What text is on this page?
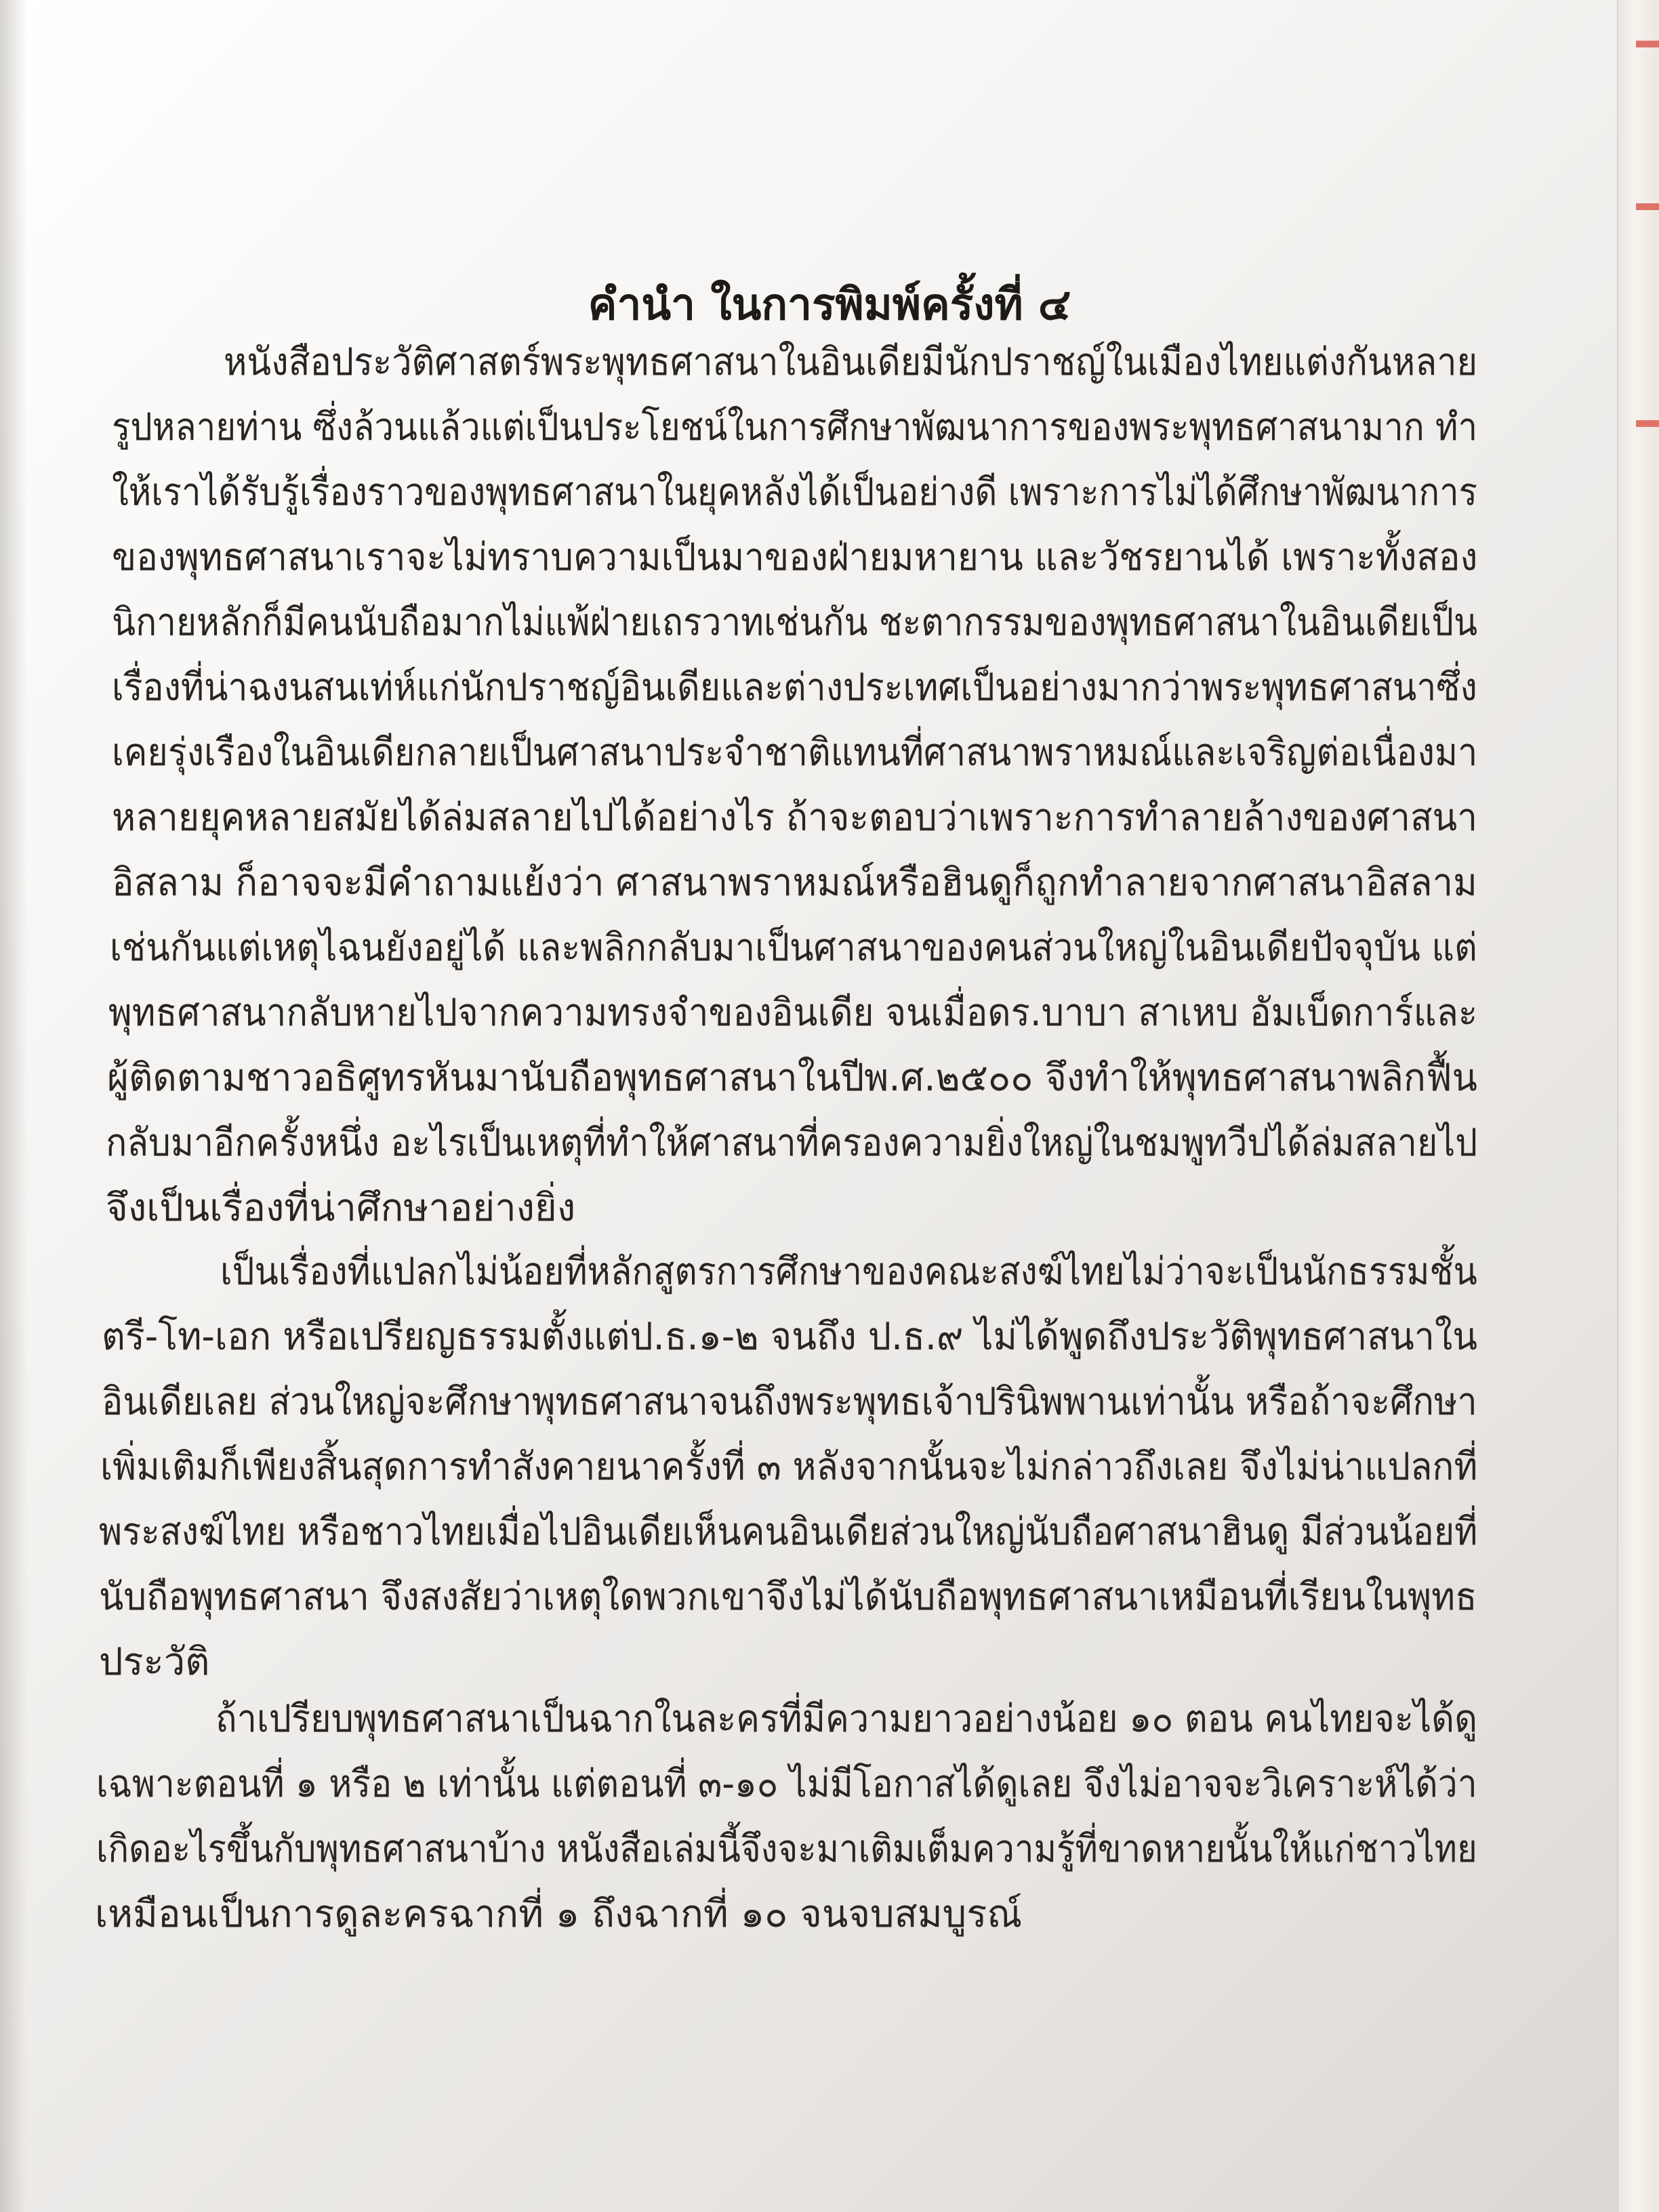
คำนำ ในการพิมพ์ครั้งที่ ๔
หนังสือประวัติศาสตร์พระพุทธศาสนาในอินเดียมีนักปราชญ์ในเมืองไทยแต่งกันหลาย
รูปหลายท่าน ซึ่งล้วนแล้วแต่เป็นประโยชน์ในการศึกษาพัฒนาการของพระพุทธศาสนามาก ทำ
ให้เราได้รับรู้เรื่องราวของพุทธศาสนาในยุคหลังได้เป็นอย่างดี เพราะการไม่ได้ศึกษาพัฒนาการ
ของพุทธศาสนาเราจะไม่ทราบความเป็นมาของฝ่ายมหายาน และวัชรยานได้ เพราะทั้งสอง
นิกายหลักก็มีคนนับถือมากไม่แพ้ฝ่ายเถรวาทเช่นกัน ชะตากรรมของพุทธศาสนาในอินเดียเป็น
เรื่องที่น่าฉงนสนเท่ห์แก่นักปราชญ์อินเดียและต่างประเทศเป็นอย่างมากว่าพระพุทธศาสนาซึ่ง
เคยรุ่งเรืองในอินเดียกลายเป็นศาสนาประจำชาติแทนที่ศาสนาพราหมณ์และเจริญต่อเนื่องมา
หลายยุคหลายสมัยได้ล่มสลายไปได้อย่างไร ถ้าจะตอบว่าเพราะการทำลายล้างของศาสนา
อิสลาม ก็อาจจะมีคำถามแย้งว่า ศาสนาพราหมณ์หรือฮินดูก็ถูกทำลายจากศาสนาอิสลาม
เช่นกันแต่เหตุไฉนยังอยู่ได้ และพลิกกลับมาเป็นศาสนาของคนส่วนใหญ่ในอินเดียปัจจุบัน แต่
พุทธศาสนากลับหายไปจากความทรงจำของอินเดีย จนเมื่อดร.บาบา สาเหบ อัมเบ็ดการ์และ
ผู้ติดตามชาวอธิศูทรหันมานับถือพุทธศาสนาในปีพ.ศ.๒๕๐๐ จึงทำให้พุทธศาสนาพลิกฟื้น
กลับมาอีกครั้งหนึ่ง อะไรเป็นเหตุที่ทำให้ศาสนาที่ครองความยิ่งใหญ่ในชมพูทวีปได้ล่มสลายไป
จึงเป็นเรื่องที่น่าศึกษาอย่างยิ่ง
เป็นเรื่องที่แปลกไม่น้อยที่หลักสูตรการศึกษาของคณะสงฆ์ไทยไม่ว่าจะเป็นนักธรรมชั้น
ตรี-โท-เอก หรือเปรียญธรรมตั้งแต่ป.ธ.๑-๒ จนถึง ป.ธ.๙ ไม่ได้พูดถึงประวัติพุทธศาสนาใน
อินเดียเลย ส่วนใหญ่จะศึกษาพุทธศาสนาจนถึงพระพุทธเจ้าปรินิพพานเท่านั้น หรือถ้าจะศึกษา
เพิ่มเติมก็เพียงสิ้นสุดการทำสังคายนาครั้งที่ ๓ หลังจากนั้นจะไม่กล่าวถึงเลย จึงไม่น่าแปลกที่
พระสงฆ์ไทย หรือชาวไทยเมื่อไปอินเดียเห็นคนอินเดียส่วนใหญ่นับถือศาสนาฮินดู มีส่วนน้อยที่
นับถือพุทธศาสนา จึงสงสัยว่าเหตุใดพวกเขาจึงไม่ได้นับถือพุทธศาสนาเหมือนที่เรียนในพุทธ
ประวัติ
ถ้าเปรียบพุทธศาสนาเป็นฉากในละครที่มีความยาวอย่างน้อย ๑๐ ตอน คนไทยจะได้ดู
เฉพาะตอนที่ ๑ หรือ ๒ เท่านั้น แต่ตอนที่ ๓-๑๐ ไม่มีโอกาสได้ดูเลย จึงไม่อาจจะวิเคราะห์ได้ว่า
เกิดอะไรขึ้นกับพุทธศาสนาบ้าง หนังสือเล่มนี้จึงจะมาเติมเต็มความรู้ที่ขาดหายนั้นให้แก่ชาวไทย
เหมือนเป็นการดูละครฉากที่ ๑ ถึงฉากที่ ๑๐ จนจบสมบูรณ์
